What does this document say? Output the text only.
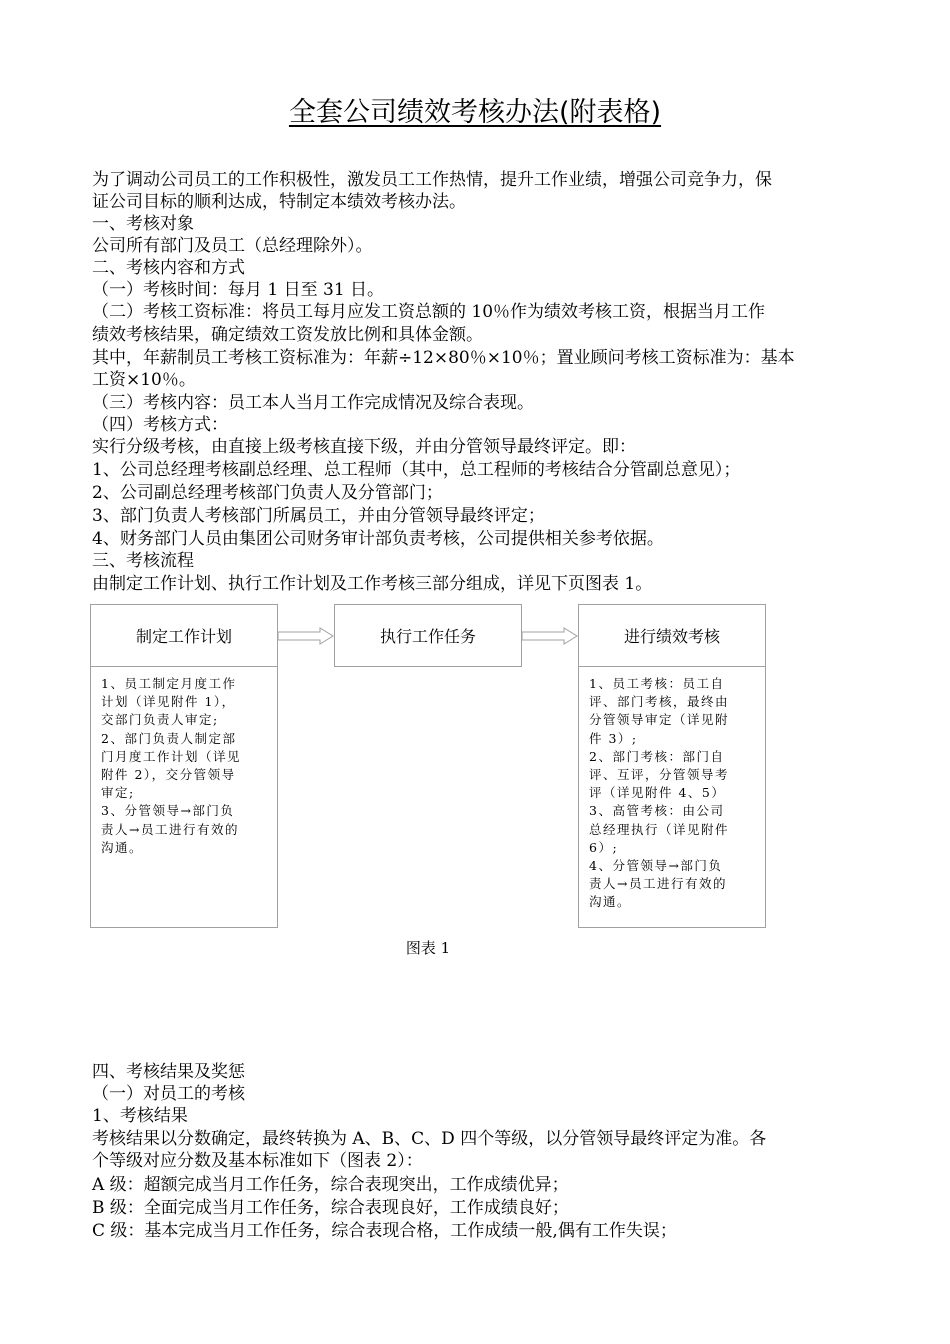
全套公司绩效考核办法(附表格)
为了调动公司员工的工作积极性，激发员工工作热情，提升工作业绩，增强公司竞争力，保
证公司目标的顺利达成，特制定本绩效考核办法。
一、考核对象
公司所有部门及员工（总经理除外）。
二、考核内容和方式
（一）考核时间：每月 1 日至 31 日。
（二）考核工资标准：将员工每月应发工资总额的 10％作为绩效考核工资，根据当月工作
绩效考核结果，确定绩效工资发放比例和具体金额。
其中，年薪制员工考核工资标准为：年薪÷12×80％×10％；置业顾问考核工资标准为：基本
工资×10％。
（三）考核内容：员工本人当月工作完成情况及综合表现。
（四）考核方式：
实行分级考核，由直接上级考核直接下级，并由分管领导最终评定。即：
1、公司总经理考核副总经理、总工程师（其中，总工程师的考核结合分管副总意见）；
2、公司副总经理考核部门负责人及分管部门；
3、部门负责人考核部门所属员工，并由分管领导最终评定；
4、财务部门人员由集团公司财务审计部负责考核，公司提供相关参考依据。
三、考核流程
由制定工作计划、执行工作计划及工作考核三部分组成，详见下页图表 1。
制定工作计划
1、员工制定月度工作
计划（详见附件 1），
交部门负责人审定;
2、部门负责人制定部
门月度工作计划（详见
附件 2），交分管领导
审定;
3、分管领导→部门负
责人→员工进行有效的
沟通。
执行工作任务	进行绩效考核
1、员工考核：员工自
评、部门考核，最终由
分管领导审定（详见附
件 3）;
2、部门考核：部门自
评、互评，分管领导考
评（详见附件 4、5）
3、高管考核：由公司
总经理执行（详见附件
6）;
4、分管领导→部门负
责人→员工进行有效的
沟通。
图表 1
四、考核结果及奖惩
（一）对员工的考核
1、考核结果
考核结果以分数确定，最终转换为 A、B、C、D 四个等级，以分管领导最终评定为准。各
个等级对应分数及基本标准如下（图表 2）：
A 级：超额完成当月工作任务，综合表现突出，工作成绩优异；
B 级：全面完成当月工作任务，综合表现良好，工作成绩良好；
C 级：基本完成当月工作任务，综合表现合格，工作成绩一般,偶有工作失误；
